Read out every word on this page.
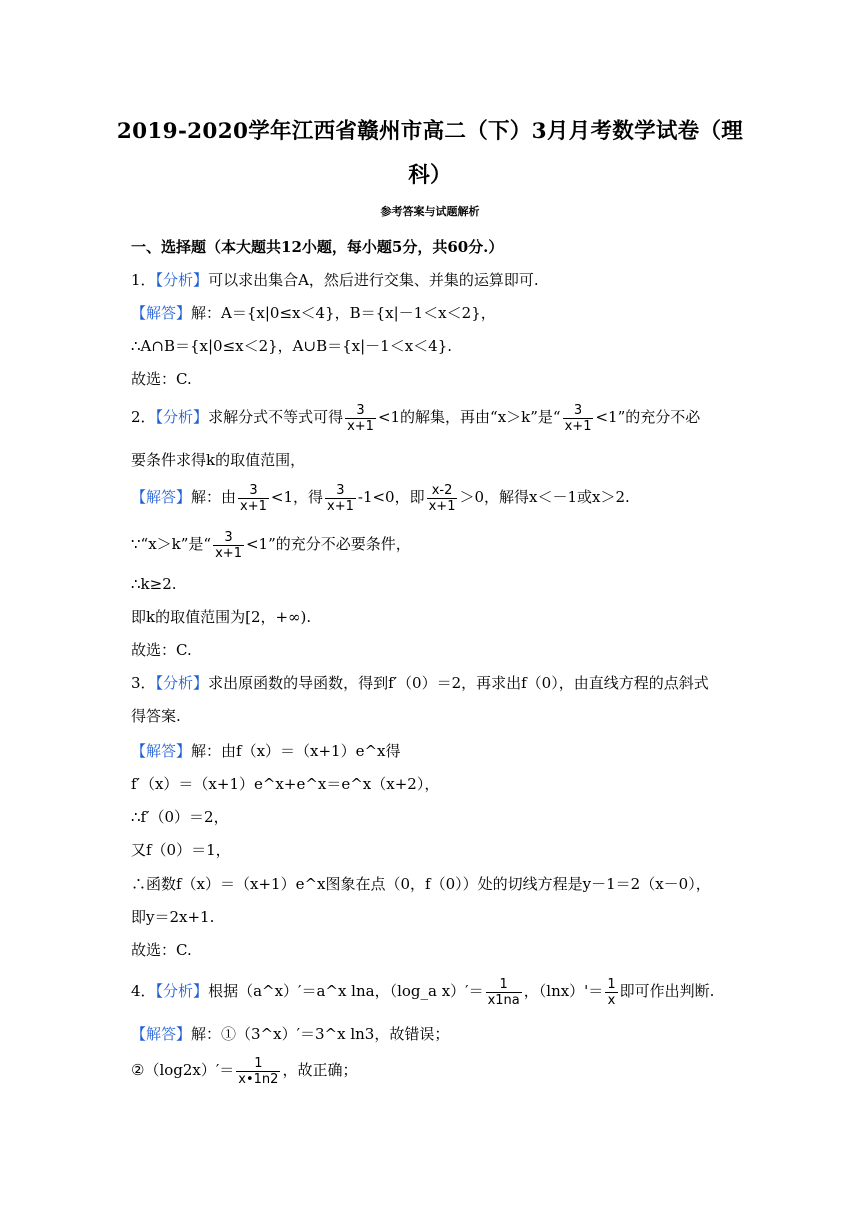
2019-2020学年江西省赣州市高二（下）3月月考数学试卷（理
科）
参考答案与试题解析
一、选择题（本大题共12小题，每小题5分，共60分.）
1．【分析】可以求出集合A，然后进行交集、并集的运算即可.
【解答】解：A＝{x|0≤x＜4}，B＝{x|－1＜x＜2}，
∴A∩B＝{x|0≤x＜2}，A∪B＝{x|－1＜x＜4}.
故选：C.
2．【分析】求解分式不等式可得 $\frac{3}{x+1} <1$的解集，再由“x＞k”是“ $\frac{3}{x+1} <1$”的充分不必
要条件求得k的取值范围，
【解答】解：由 $\frac{3}{x+1} <1$，得 $\frac{3}{x+1} -1<0$，即 $\frac{x-2}{x+1} >0$，解得x＜－1或x＞2.
∵“x＞k”是“ $\frac{3}{x+1} <1$”的充分不必要条件，
∴k≥2.
即k的取值范围为[2，+∞).
故选：C.
3．【分析】求出原函数的导函数，得到f′（0）＝2，再求出f（0），由直线方程的点斜式
得答案.
【解答】解：由f（x）＝（x+1）e^x得
f′（x）＝（x+1）e^x+e^x＝e^x（x+2），
∴f′（0）＝2，
又f（0）＝1，
∴函数f（x）＝（x+1）e^x图象在点（0，f（0））处的切线方程是y－1＝2（x－0），
即y＝2x+1.
故选：C.
4．【分析】根据（a^x）′＝a^x lna，（log_a $x)'= \frac{1}{x1na}$ ，$(\ln x)'= \frac{1}{x}$ 即可作出判断.
【解答】解：①（3^x）′＝3^x ln3，故错误；
②（log2x）′＝ $\frac{1}{x•1n2}$ ，故正确；
